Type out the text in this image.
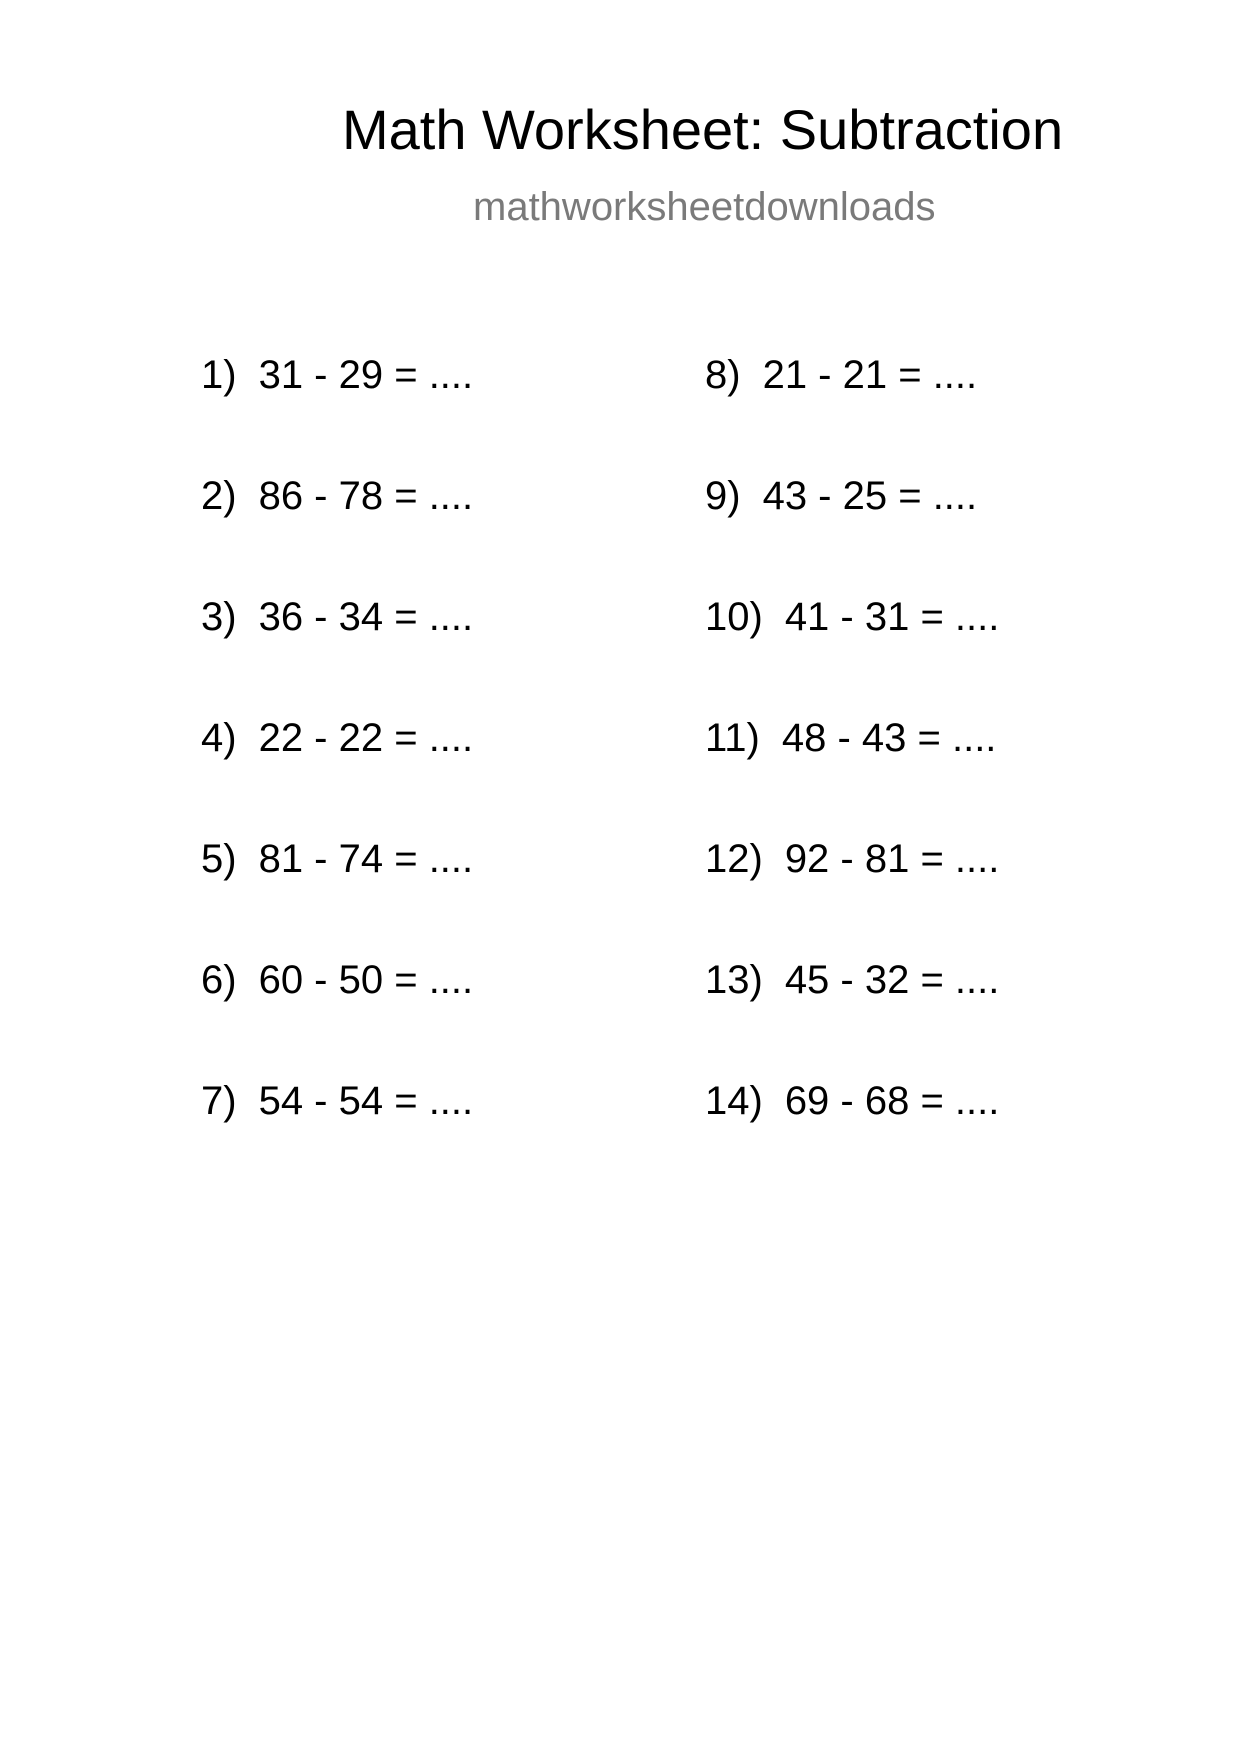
Math Worksheet: Subtraction
mathworksheetdownloads
1) 31 - 29 = ....
2) 86 - 78 = ....
3) 36 - 34 = ....
4) 22 - 22 = ....
5) 81 - 74 = ....
6) 60 - 50 = ....
7) 54 - 54 = ....
8) 21 - 21 = ....
9) 43 - 25 = ....
10) 41 - 31 = ....
11) 48 - 43 = ....
12) 92 - 81 = ....
13) 45 - 32 = ....
14) 69 - 68 = ....
